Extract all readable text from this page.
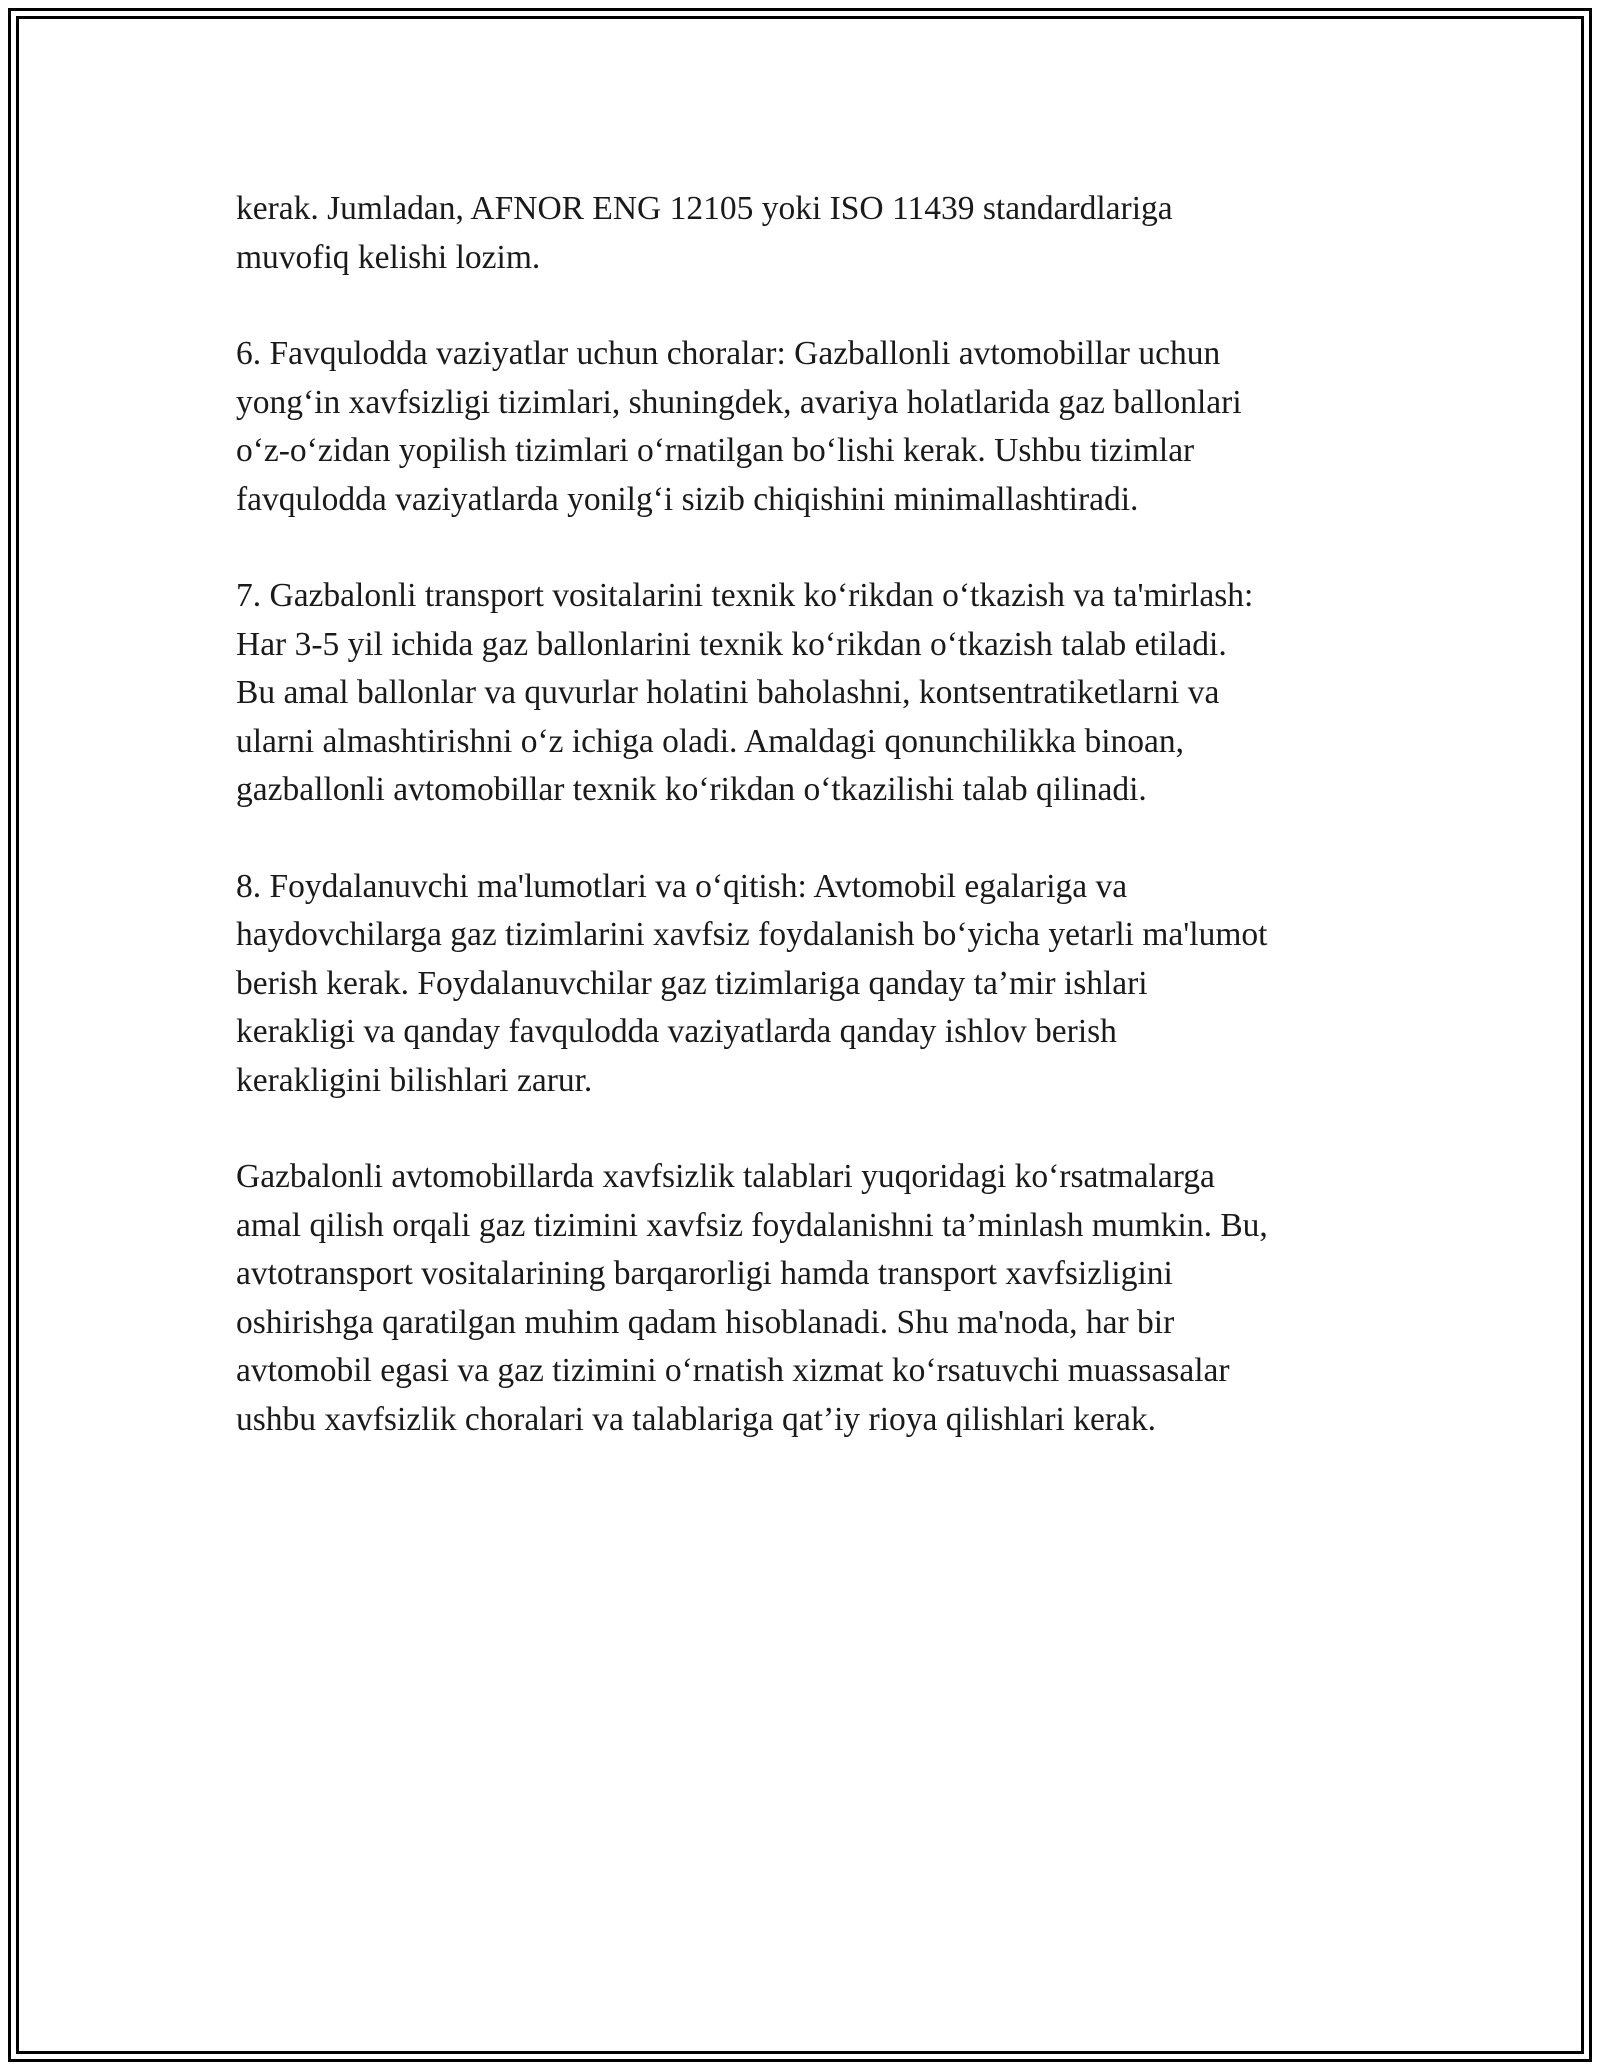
kerak. Jumladan, AFNOR ENG 12105 yoki ISO 11439 standardlariga
muvofiq kelishi lozim.

6. Favqulodda vaziyatlar uchun choralar: Gazballonli avtomobillar uchun
yong‘in xavfsizligi tizimlari, shuningdek, avariya holatlarida gaz ballonlari
o‘z-o‘zidan yopilish tizimlari o‘rnatilgan bo‘lishi kerak. Ushbu tizimlar
favqulodda vaziyatlarda yonilg‘i sizib chiqishini minimallashtiradi.

7. Gazbalonli transport vositalarini texnik ko‘rikdan o‘tkazish va ta'mirlash:
Har 3-5 yil ichida gaz ballonlarini texnik ko‘rikdan o‘tkazish talab etiladi.
Bu amal ballonlar va quvurlar holatini baholashni, kontsentratiketlarni va
ularni almashtirishni o‘z ichiga oladi. Amaldagi qonunchilikka binoan,
gazballonli avtomobillar texnik ko‘rikdan o‘tkazilishi talab qilinadi.

8. Foydalanuvchi ma'lumotlari va o‘qitish: Avtomobil egalariga va
haydovchilarga gaz tizimlarini xavfsiz foydalanish bo‘yicha yetarli ma'lumot
berish kerak. Foydalanuvchilar gaz tizimlariga qanday ta’mir ishlari
kerakligi va qanday favqulodda vaziyatlarda qanday ishlov berish
kerakligini bilishlari zarur.

Gazbalonli avtomobillarda xavfsizlik talablari yuqoridagi ko‘rsatmalarga
amal qilish orqali gaz tizimini xavfsiz foydalanishni ta’minlash mumkin. Bu,
avtotransport vositalarining barqarorligi hamda transport xavfsizligini
oshirishga qaratilgan muhim qadam hisoblanadi. Shu ma'noda, har bir
avtomobil egasi va gaz tizimini o‘rnatish xizmat ko‘rsatuvchi muassasalar
ushbu xavfsizlik choralari va talablariga qat’iy rioya qilishlari kerak.
